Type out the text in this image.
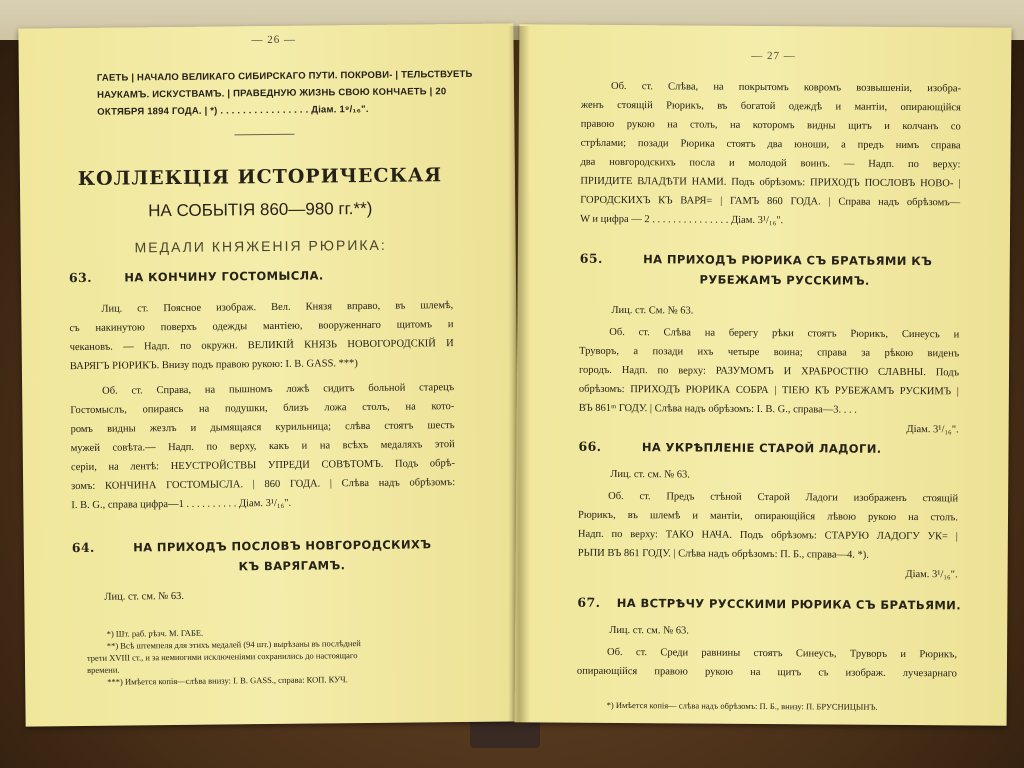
— 26 —
ГАЕТЬ | НАЧАЛО ВЕЛИКАГО СИБИРСКАГО ПУТИ. ПОКРОВИ- | ТЕЛЬСТВУЕТЬ
НАУКАМЪ. ИСКУСТВАМЪ. | ПРАВЕДНУЮ ЖИЗНЬ СВОЮ КОНЧАЕТЬ | 20
ОКТЯБРЯ 1894 ГОДА. | *) . . . . . . . . . . . . . . . . Діам. 1⁹/₁₆".
КОЛЛЕКЦІЯ ИСТОРИЧЕСКАЯ
НА СОБЫТІЯ 860—980 гг.**)
МЕДАЛИ КНЯЖЕНІЯ РЮРИКА:
63.	НА КОНЧИНУ ГОСТОМЫСЛА.
Лиц. ст. Поясное изображ. Вел. Князя вправо, въ шлемѣ,
съ накинутою поверхъ одежды мантіею, вооруженнаго щитомъ и
чекановъ. — Надп. по окружн. ВЕЛИКІЙ КНЯЗЬ НОВОГОРОДСКІЙ И
ВАРЯГЪ РЮРИКЪ. Внизу подъ правою рукою: I. B. GASS. ***)
Об. ст. Справа, на пышномъ ложѣ сидитъ больной старецъ
Гостомыслъ, опираясь на подушки, близъ ложа столъ, на кото-
ромъ видны жезлъ и дымящаяся курильница; слѣва стоятъ шесть
мужей совѣта.— Надп. по верху, какъ и на всѣхъ медаляхъ этой
серіи, на лентѣ: НЕУСТРОЙСТВЫ УПРЕДИ СОВѢТОМЪ. Подъ обрѣ-
зомъ: КОНЧИНА ГОСТОМЫСЛА. | 860 ГОДА. | Слѣва надъ обрѣзомъ:
I. B. G., справа цифра—1 . . . . . . . . . . Діам. 3¹/₁₆".
64.	НА ПРИХОДЪ ПОСЛОВЪ НОВГОРОДСКИХЪ
КЪ ВАРЯГАМЪ.
Лиц. ст. см. № 63.
*) Шт. раб. рѣзч. М. ГАБЕ.
**) Всѣ штемпеля для этихъ медалей (94 шт.) вырѣзаны въ послѣдней
трети XVIII ст., и за немногими исключеніями сохранились до настоящаго
времени.
***) Имѣется копія—слѣва внизу: I. B. GASS., справа: КОП. КУЧ.
— 27 —
Об. ст. Слѣва, на покрытомъ ковромъ возвышеніи, изобра-
женъ стоящій Рюрикъ, въ богатой одеждѣ и мантіи, опирающійся
правою рукою на столъ, на которомъ видны щитъ и колчанъ со
стрѣлами; позади Рюрика стоятъ два юноши, а предъ нимъ справа
два новгородскихъ посла и молодой воинъ. — Надп. по верху:
ПРІИДИТЕ ВЛАДѢТИ НАМИ. Подъ обрѣзомъ: ПРИХОДЪ ПОСЛОВЪ НОВО- |
ГОРОДСКИХЪ КЪ ВАРЯ= | ГАМЪ 860 ГОДА. | Справа надъ обрѣзомъ—
W и цифра — 2 . . . . . . . . . . . . . . . Діам. 3¹/₁₆".
65.	НА ПРИХОДЪ РЮРИКА СЪ БРАТЬЯМИ КЪ
РУБЕЖАМЪ РУССКИМЪ.
Лиц. ст. См. № 63.
Об. ст. Слѣва на берегу рѣки стоятъ Рюрикъ, Синеусъ и
Труворъ, а позади ихъ четыре воина; справа за рѣкою виденъ
городъ. Надп. по верху: РАЗУМОМЪ И ХРАБРОСТІЮ СЛАВНЫ. Подъ
обрѣзомъ: ПРИХОДЪ РЮРИКА СОБРА | ТІЕЮ КЪ РУБЕЖАМЪ РУСКИМЪ |
ВЪ 861ᵐ ГОДУ. | Слѣва надъ обрѣзомъ: I. B. G., справа—3. . . .
Діам. 3¹/₁₆".
66.	НА УКРѢПЛЕНІЕ СТАРОЙ ЛАДОГИ.
Лиц. ст. см. № 63.
Об. ст. Предъ стѣной Старой Ладоги изображенъ стоящій
Рюрикъ, въ шлемѣ и мантіи, опирающійся лѣвою рукою на столъ.
Надп. по верху: ТАКО НАЧА. Подъ обрѣзомъ: СТАРУЮ ЛАДОГУ УК= |
РЬПИ ВЪ 861 ГОДУ. | Слѣва надъ обрѣзомъ: П. Б., справа—4. *).
Діам. 3¹/₁₆".
67. НА ВСТРѢЧУ РУССКИМИ РЮРИКА СЪ БРАТЬЯМИ.
Лиц. ст. см. № 63.
Об. ст. Среди равнины стоятъ Синеусъ, Труворъ и Рюрикъ,
опирающійся правою рукою на щитъ съ изображ. лучезарнаго
*) Имѣется копія— слѣва надъ обрѣзомъ: П. Б., внизу: П. БРУСНИЦЫНЪ.
